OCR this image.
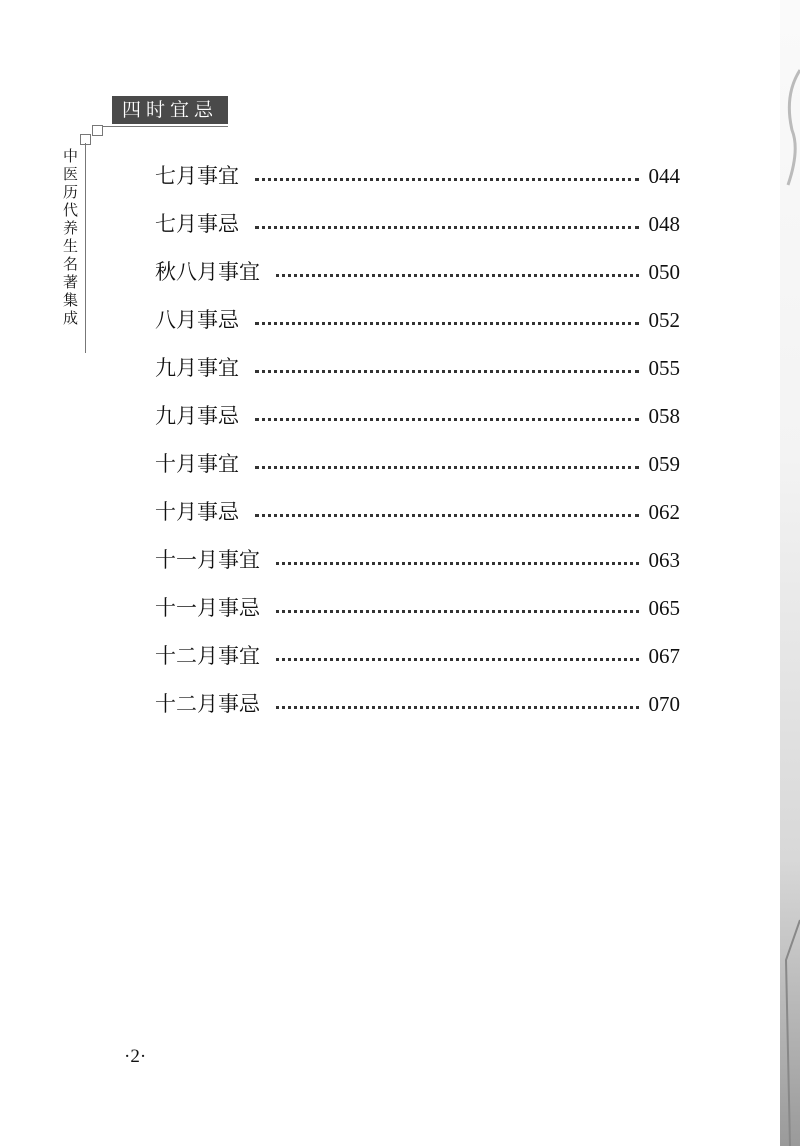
四时宜忌
中医历代养生名著集成	七月事宜	044
七月事忌	048
秋八月事宜	050
八月事忌	052
九月事宜	055
九月事忌	058
十月事宜	059
十月事忌	062
十一月事宜	063
十一月事忌	065
十二月事宜	067
十二月事忌	070
·2·
